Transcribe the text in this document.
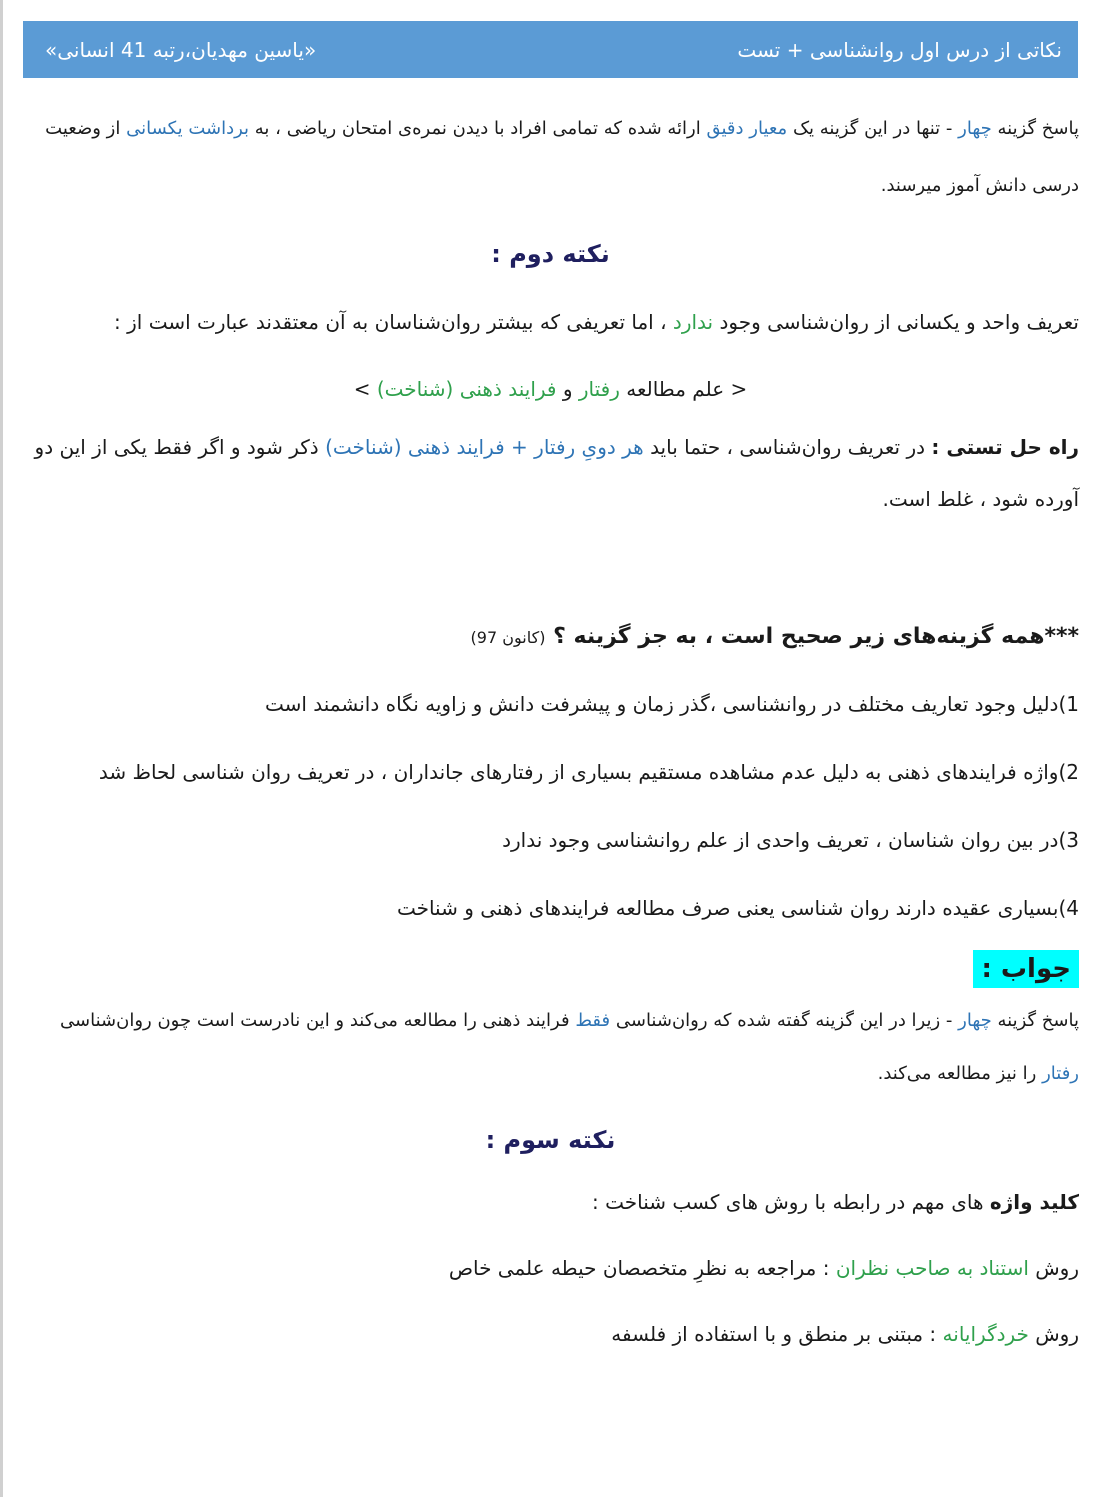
نکاتی از درس اول روانشناسی + تست
«یاسین مهدیان،رتبه 41 انسانی»

پاسخ گزینه چهار - تنها در این گزینه یک معیار دقیق ارائه شده که تمامی افراد با دیدن نمره‌ی امتحان ریاضی ، به برداشت یکسانی از وضعیت درسی دانش آموز میرسند.

نکته دوم :

تعریف واحد و یکسانی از روان‌شناسی وجود ندارد ، اما تعریفی که بیشتر روان‌شناسان به آن معتقدند عبارت است از :

< علم مطالعه رفتار و فرایند ذهنی (شناخت) >

راه حل تستی : در تعریف روان‌شناسی ، حتما باید هر دویِ رفتار + فرایند ذهنی (شناخت) ذکر شود و اگر فقط یکی از این دو آورده شود ، غلط است.

***همه گزینه‌های زیر صحیح است ، به جز گزینه ؟ (کانون 97)

1)دلیل وجود تعاریف مختلف در روانشناسی ،گذر زمان و پیشرفت دانش و زاویه نگاه دانشمند است

2)واژه فرایندهای ذهنی به دلیل عدم مشاهده مستقیم بسیاری از رفتارهای جانداران ، در تعریف روان شناسی لحاظ شد

3)در بین روان شناسان ، تعریف واحدی از علم روانشناسی وجود ندارد

4)بسیاری عقیده دارند روان شناسی یعنی صرف مطالعه فرایندهای ذهنی و شناخت

جواب :

پاسخ گزینه چهار - زیرا در این گزینه گفته شده که روان‌شناسی فقط فرایند ذهنی را مطالعه می‌کند و این نادرست است چون روان‌شناسی رفتار را نیز مطالعه می‌کند.

نکته سوم :

کلید واژه های مهم در رابطه با روش های کسب شناخت :

روش استناد به صاحب نظران : مراجعه به نظرِ متخصصان حیطه علمی خاص

روش خردگرایانه : مبتنی بر منطق و با استفاده از فلسفه
